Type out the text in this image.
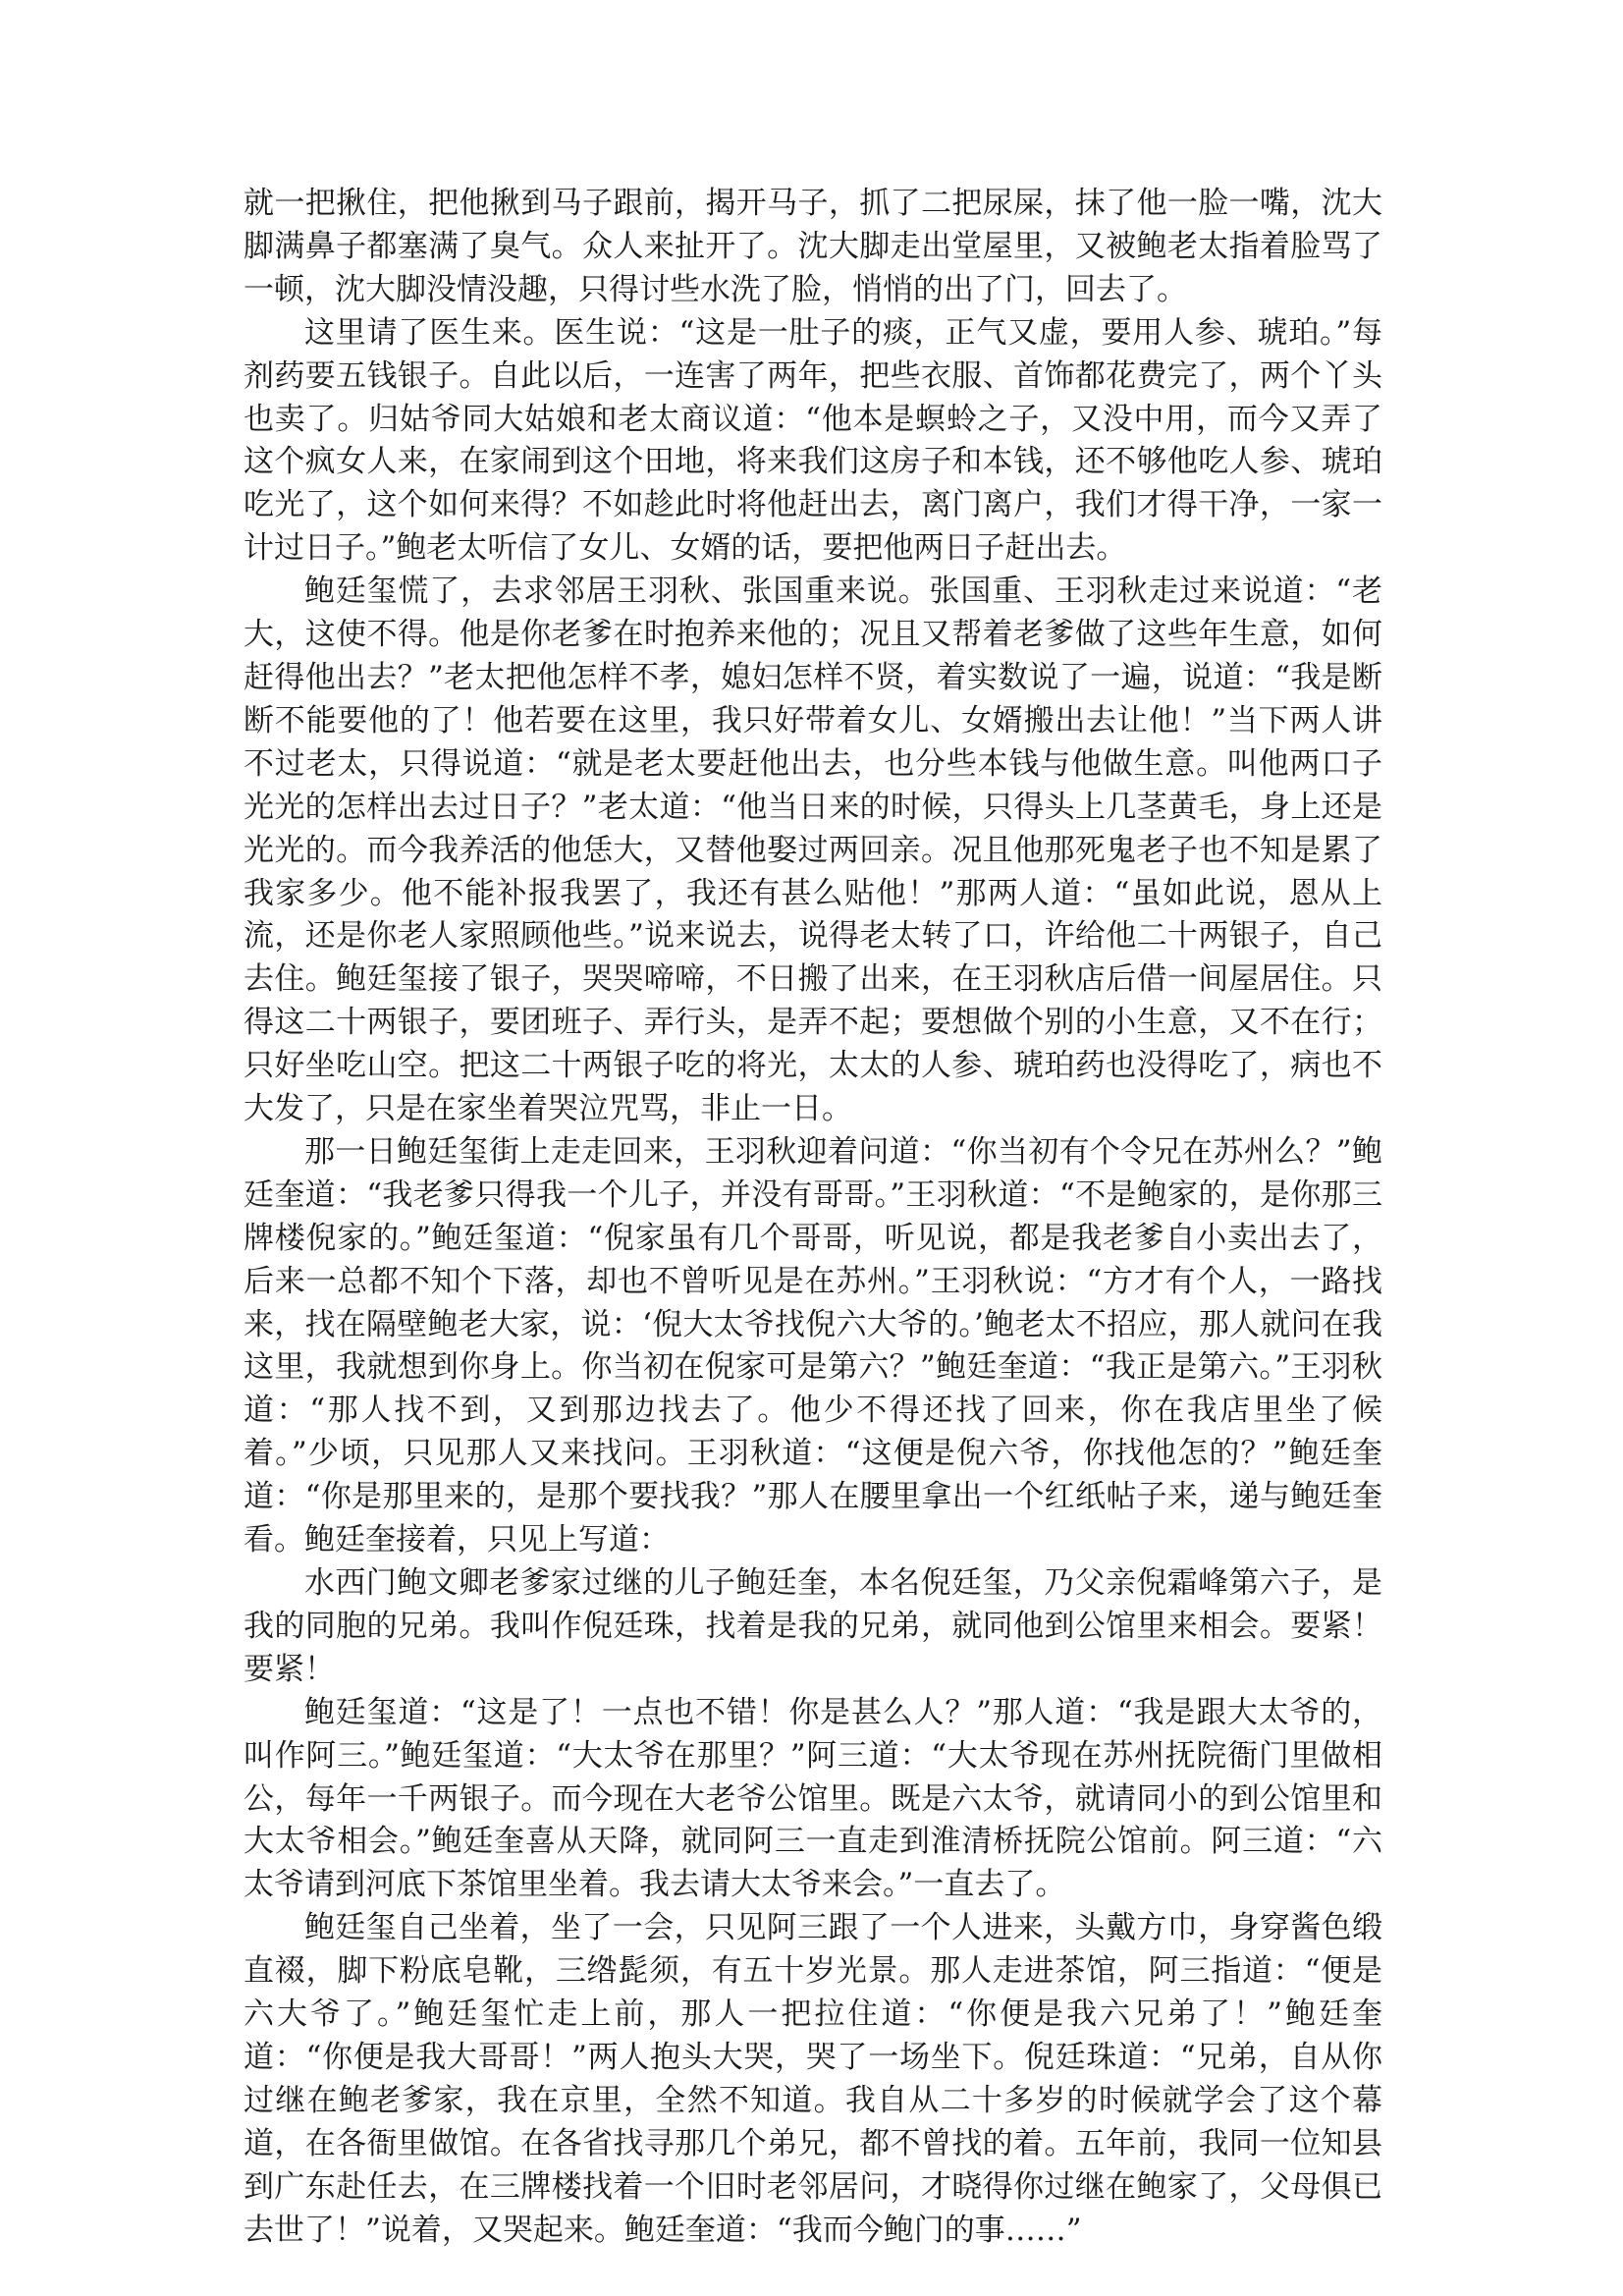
就一把揪住，把他揪到马子跟前，揭开马子，抓了二把尿屎，抹了他一脸一嘴，沈大脚满鼻子都塞满了臭气。众人来扯开了。沈大脚走出堂屋里，又被鲍老太指着脸骂了一顿，沈大脚没情没趣，只得讨些水洗了脸，悄悄的出了门，回去了。

这里请了医生来。医生说：“这是一肚子的痰，正气又虚，要用人参、琥珀。”每剂药要五钱银子。自此以后，一连害了两年，把些衣服、首饰都花费完了，两个丫头也卖了。归姑爷同大姑娘和老太商议道：“他本是螟蛉之子，又没中用，而今又弄了这个疯女人来，在家闹到这个田地，将来我们这房子和本钱，还不够他吃人参、琥珀吃光了，这个如何来得？不如趁此时将他赶出去，离门离户，我们才得干净，一家一计过日子。”鲍老太听信了女儿、女婿的话，要把他两日子赶出去。

鲍廷玺慌了，去求邻居王羽秋、张国重来说。张国重、王羽秋走过来说道：“老大，这使不得。他是你老爹在时抱养来他的；况且又帮着老爹做了这些年生意，如何赶得他出去？”老太把他怎样不孝，媳妇怎样不贤，着实数说了一遍，说道：“我是断断不能要他的了！他若要在这里，我只好带着女儿、女婿搬出去让他！”当下两人讲不过老太，只得说道：“就是老太要赶他出去，也分些本钱与他做生意。叫他两口子光光的怎样出去过日子？”老太道：“他当日来的时候，只得头上几茎黄毛，身上还是光光的。而今我养活的他恁大，又替他娶过两回亲。况且他那死鬼老子也不知是累了我家多少。他不能补报我罢了，我还有甚么贴他！”那两人道：“虽如此说，恩从上流，还是你老人家照顾他些。”说来说去，说得老太转了口，许给他二十两银子，自己去住。鲍廷玺接了银子，哭哭啼啼，不日搬了出来，在王羽秋店后借一间屋居住。只得这二十两银子，要团班子、弄行头，是弄不起；要想做个别的小生意，又不在行；只好坐吃山空。把这二十两银子吃的将光，太太的人参、琥珀药也没得吃了，病也不大发了，只是在家坐着哭泣咒骂，非止一日。

那一日鲍廷玺街上走走回来，王羽秋迎着问道：“你当初有个令兄在苏州么？”鲍廷奎道：“我老爹只得我一个儿子，并没有哥哥。”王羽秋道：“不是鲍家的，是你那三牌楼倪家的。”鲍廷玺道：“倪家虽有几个哥哥，听见说，都是我老爹自小卖出去了，后来一总都不知个下落，却也不曾听见是在苏州。”王羽秋说：“方才有个人，一路找来，找在隔壁鲍老大家，说：‘倪大太爷找倪六大爷的。’鲍老太不招应，那人就问在我这里，我就想到你身上。你当初在倪家可是第六？”鲍廷奎道：“我正是第六。”王羽秋道：“那人找不到，又到那边找去了。他少不得还找了回来，你在我店里坐了候着。”少顷，只见那人又来找问。王羽秋道：“这便是倪六爷，你找他怎的？”鲍廷奎道：“你是那里来的，是那个要找我？”那人在腰里拿出一个红纸帖子来，递与鲍廷奎看。鲍廷奎接着，只见上写道：

水西门鲍文卿老爹家过继的儿子鲍廷奎，本名倪廷玺，乃父亲倪霜峰第六子，是我的同胞的兄弟。我叫作倪廷珠，找着是我的兄弟，就同他到公馆里来相会。要紧！要紧！

鲍廷玺道：“这是了！一点也不错！你是甚么人？”那人道：“我是跟大太爷的，叫作阿三。”鲍廷玺道：“大太爷在那里？”阿三道：“大太爷现在苏州抚院衙门里做相公，每年一千两银子。而今现在大老爷公馆里。既是六太爷，就请同小的到公馆里和大太爷相会。”鲍廷奎喜从天降，就同阿三一直走到淮清桥抚院公馆前。阿三道：“六太爷请到河底下茶馆里坐着。我去请大太爷来会。”一直去了。

鲍廷玺自己坐着，坐了一会，只见阿三跟了一个人进来，头戴方巾，身穿酱色缎直裰，脚下粉底皂靴，三绺髭须，有五十岁光景。那人走进茶馆，阿三指道：“便是六大爷了。”鲍廷玺忙走上前，那人一把拉住道：“你便是我六兄弟了！”鲍廷奎道：“你便是我大哥哥！”两人抱头大哭，哭了一场坐下。倪廷珠道：“兄弟，自从你过继在鲍老爹家，我在京里，全然不知道。我自从二十多岁的时候就学会了这个幕道，在各衙里做馆。在各省找寻那几个弟兄，都不曾找的着。五年前，我同一位知县到广东赴任去，在三牌楼找着一个旧时老邻居问，才晓得你过继在鲍家了，父母俱已去世了！”说着，又哭起来。鲍廷奎道：“我而今鲍门的事……”
